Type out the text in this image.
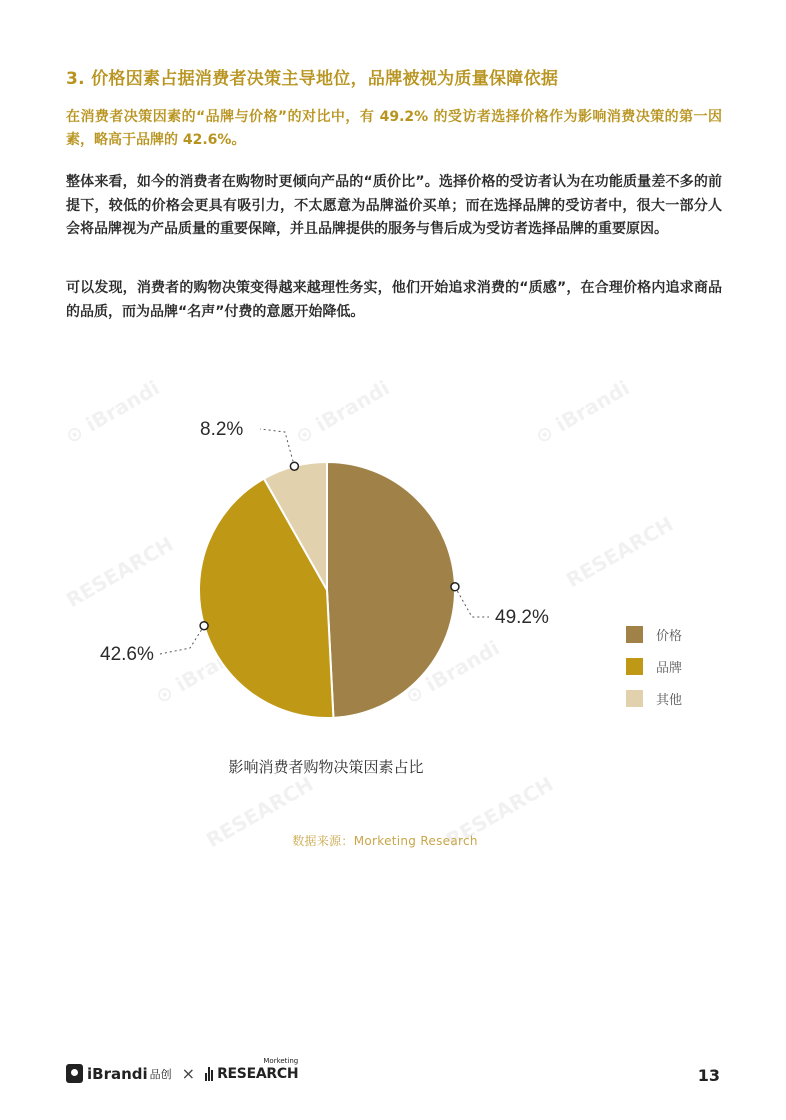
3. 价格因素占据消费者决策主导地位，品牌被视为质量保障依据
在消费者决策因素的“品牌与价格”的对比中，有 49.2% 的受访者选择价格作为影响消费决策的第一因素，略高于品牌的 42.6%。
整体来看，如今的消费者在购物时更倾向产品的“质价比”。选择价格的受访者认为在功能质量差不多的前提下，较低的价格会更具有吸引力，不太愿意为品牌溢价买单；而在选择品牌的受访者中，很大一部分人会将品牌视为产品质量的重要保障，并且品牌提供的服务与售后成为受访者选择品牌的重要原因。
可以发现，消费者的购物决策变得越来越理性务实，他们开始追求消费的“质感”，在合理价格内追求商品的品质，而为品牌“名声”付费的意愿开始降低。
⊙ iBrandi	⊙ iBrandi	⊙ iBrandi
RESEARCH	RESEARCH
⊙ iBrandi	⊙ iBrandi
RESEARCH	RESEARCH
49.2%
42.6%
8.2%
影响消费者购物决策因素占比
价格
品牌
其他
数据来源：Morketing Research
iBrandi 品创 × RESEARCH
Morketing
13
